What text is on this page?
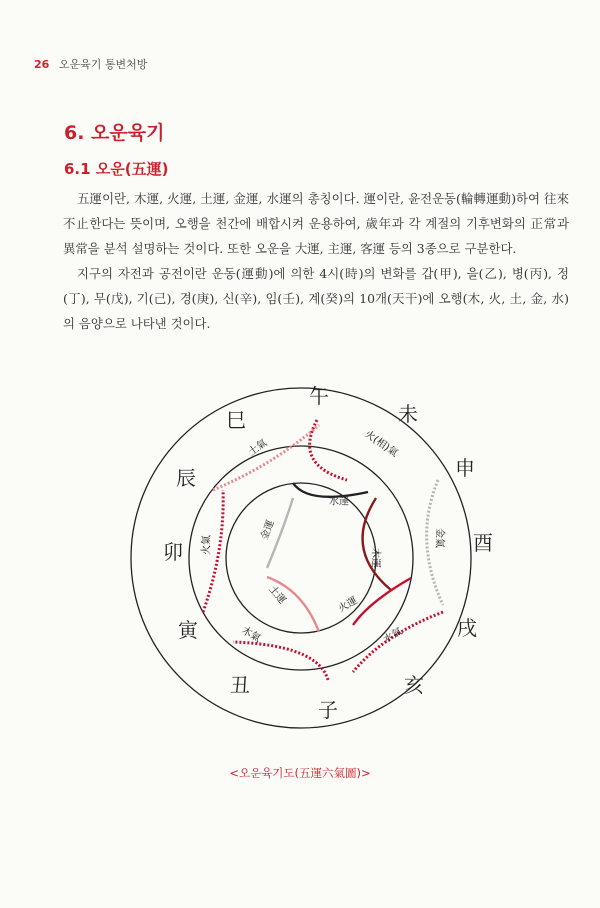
26 오운육기 통변처방
6. 오운육기
6.1 오운(五運)

五運이란, 木運, 火運, 土運, 金運, 水運의 총칭이다. 運이란, 윤전운동(輪轉運動)하여 往來不止한다는 뜻이며, 오행을 천간에 배합시켜 운용하여, 歲年과 각 계절의 기후변화의 正常과 異常을 분석 설명하는 것이다. 또한 오운을 大運, 主運, 客運 등의 3종으로 구분한다.

지구의 자전과 공전이란 운동(運動)에 의한 4시(時)의 변화를 갑(甲), 을(乙), 병(丙), 정(丁), 무(戊), 기(己), 경(庚), 신(辛), 임(壬), 계(癸)의 10개(天干)에 오행(木, 火, 土, 金, 水)의 음양으로 나타낸 것이다.

午
未
申
酉
戌
亥
子
丑
寅
卯
辰
巳
火(相)氣
金氣
水氣
木氣
火氣
土氣
水運
木運
火運
土運
金運
<오운육기도(五運六氣圖)>
